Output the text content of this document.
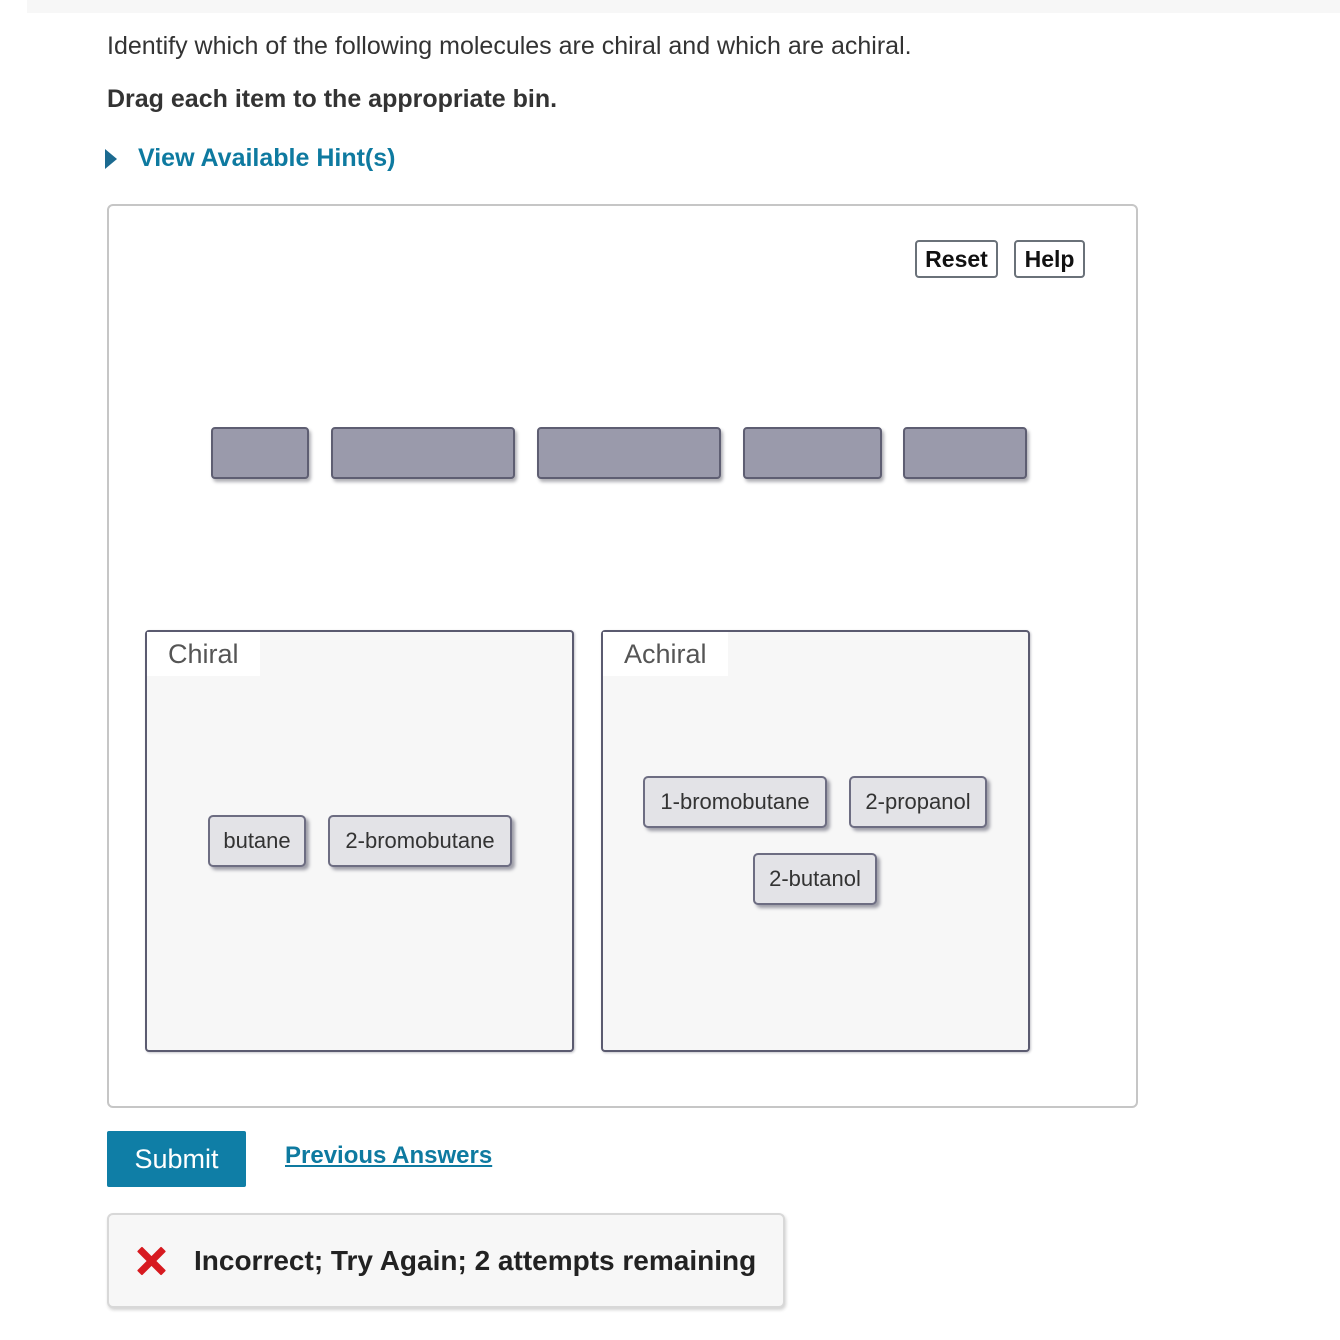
Identify which of the following molecules are chiral and which are achiral.
Drag each item to the appropriate bin.
View Available Hint(s)
Reset	Help
Chiral	Achiral
butane	2-bromobutane
1-bromobutane	2-propanol
2-butanol
Submit	Previous Answers
Incorrect; Try Again; 2 attempts remaining
